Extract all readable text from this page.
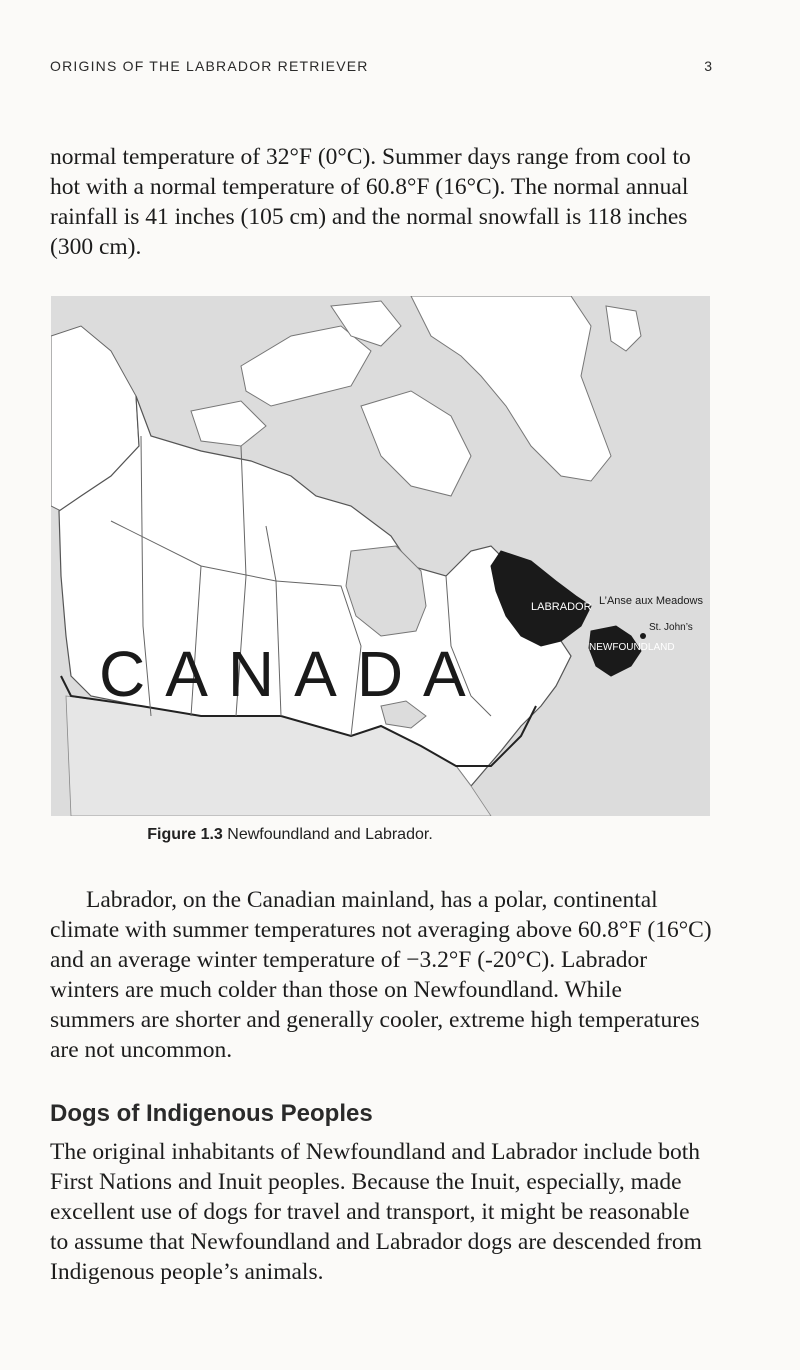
ORIGINS OF THE LABRADOR RETRIEVER	3

normal temperature of 32°F (0°C). Summer days range from cool to hot with a normal temperature of 60.8°F (16°C). The normal annual rainfall is 41 inches (105 cm) and the normal snowfall is 118 inches (300 cm).

CANADA
LABRADOR
NEWFOUNDLAND
L’Anse aux Meadows
St. John’s
Figure 1.3 Newfoundland and Labrador.

Labrador, on the Canadian mainland, has a polar, continental climate with summer temperatures not averaging above 60.8°F (16°C) and an average winter temperature of −3.2°F (-20°C). Labrador winters are much colder than those on Newfoundland. While summers are shorter and generally cooler, extreme high temperatures are not uncommon.

Dogs of Indigenous Peoples

The original inhabitants of Newfoundland and Labrador include both First Nations and Inuit peoples. Because the Inuit, especially, made excellent use of dogs for travel and transport, it might be reasonable to assume that Newfoundland and Labrador dogs are descended from Indigenous people’s animals.
